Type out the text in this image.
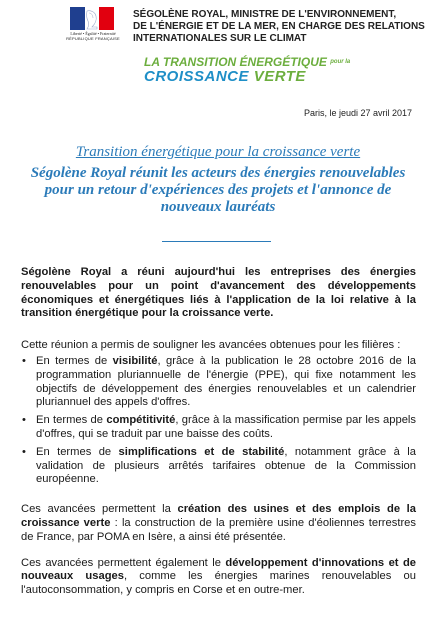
Liberté • Égalité • Fraternité
RÉPUBLIQUE FRANÇAISE
SÉGOLÈNE ROYAL, MINISTRE DE L'ENVIRONNEMENT,
DE L'ÉNERGIE ET DE LA MER, EN CHARGE DES RELATIONS
INTERNATIONALES SUR LE CLIMAT
LA TRANSITION ÉNERGÉTIQUE $^{pour la}$
CROISSANCE VERTE
Paris, le jeudi 27 avril 2017
Transition énergétique pour la croissance verte
Ségolène Royal réunit les acteurs des énergies renouvelables pour un retour d'expériences des projets et l'annonce de nouveaux lauréats

Ségolène Royal a réuni aujourd'hui les entreprises des énergies renouvelables pour un point d'avancement des développements économiques et énergétiques liés à l'application de la loi relative à la transition énergétique pour la croissance verte.

Cette réunion a permis de souligner les avancées obtenues pour les filières :

• En termes de visibilité, grâce à la publication le 28 octobre 2016 de la programmation pluriannuelle de l'énergie (PPE), qui fixe notamment les objectifs de développement des énergies renouvelables et un calendrier pluriannuel des appels d'offres.
• En termes de compétitivité, grâce à la massification permise par les appels d'offres, qui se traduit par une baisse des coûts.
• En termes de simplifications et de stabilité, notamment grâce à la validation de plusieurs arrêtés tarifaires obtenue de la Commission européenne.

Ces avancées permettent la création des usines et des emplois de la croissance verte : la construction de la première usine d'éoliennes terrestres de France, par POMA en Isère, a ainsi été présentée.

Ces avancées permettent également le développement d'innovations et de nouveaux usages, comme les énergies marines renouvelables ou l'autoconsommation, y compris en Corse et en outre-mer.
